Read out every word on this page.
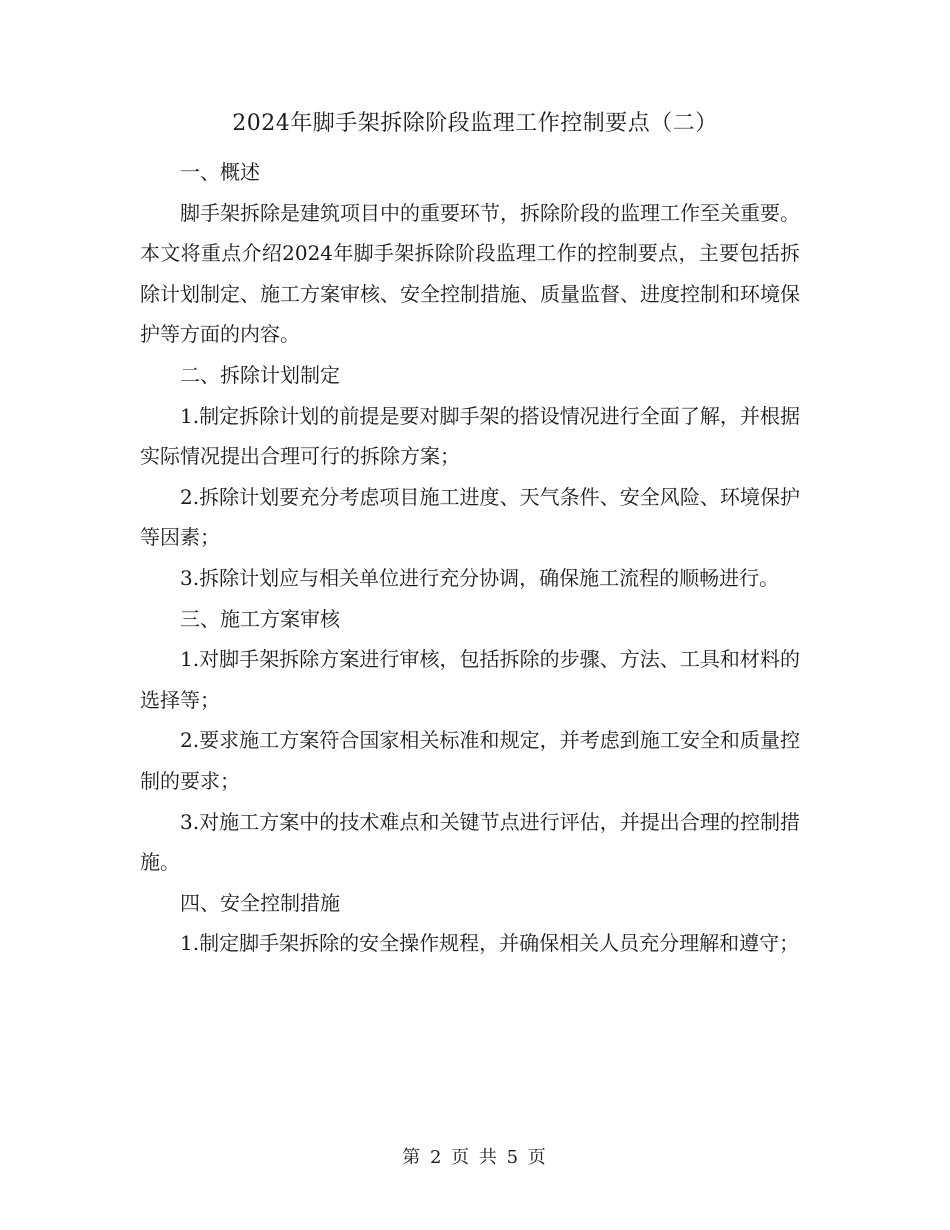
2024年脚手架拆除阶段监理工作控制要点（二）

一、概述

脚手架拆除是建筑项目中的重要环节，拆除阶段的监理工作至关重要。本文将重点介绍2024年脚手架拆除阶段监理工作的控制要点，主要包括拆除计划制定、施工方案审核、安全控制措施、质量监督、进度控制和环境保护等方面的内容。

二、拆除计划制定

1.制定拆除计划的前提是要对脚手架的搭设情况进行全面了解，并根据实际情况提出合理可行的拆除方案；

2.拆除计划要充分考虑项目施工进度、天气条件、安全风险、环境保护等因素；

3.拆除计划应与相关单位进行充分协调，确保施工流程的顺畅进行。

三、施工方案审核

1.对脚手架拆除方案进行审核，包括拆除的步骤、方法、工具和材料的选择等；

2.要求施工方案符合国家相关标准和规定，并考虑到施工安全和质量控制的要求；

3.对施工方案中的技术难点和关键节点进行评估，并提出合理的控制措施。

四、安全控制措施

1.制定脚手架拆除的安全操作规程，并确保相关人员充分理解和遵守；

第 2 页 共 5 页
